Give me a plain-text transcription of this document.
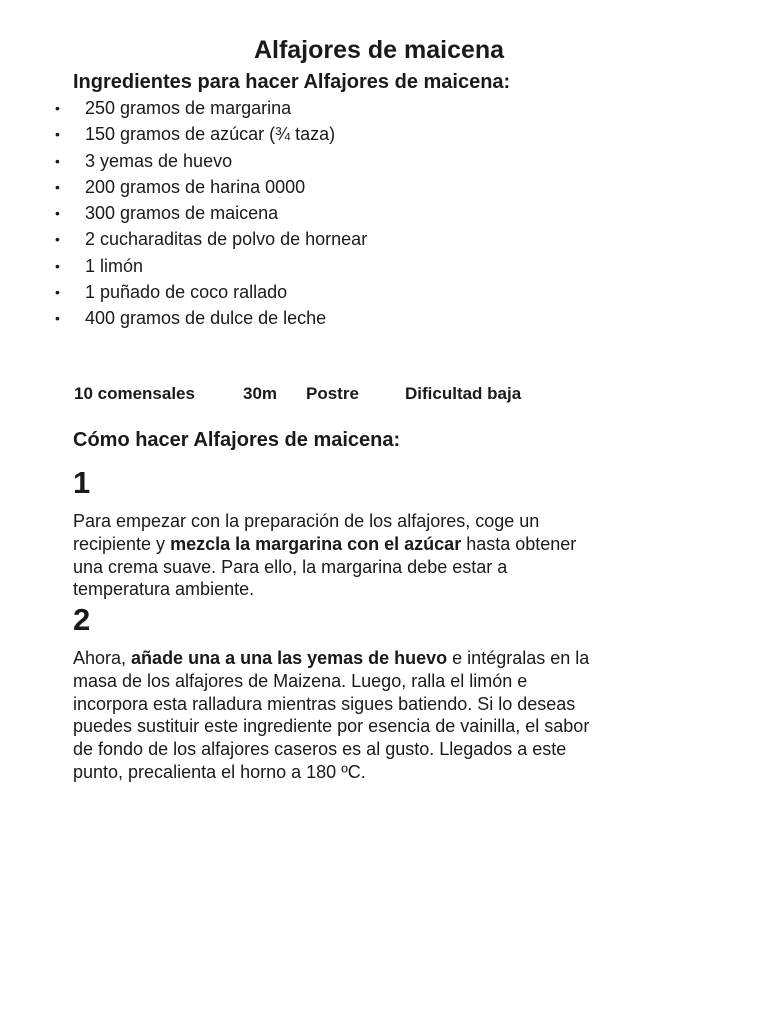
Alfajores de maicena
Ingredientes para hacer Alfajores de maicena:
• 250 gramos de margarina
• 150 gramos de azúcar (¾ taza)
• 3 yemas de huevo
• 200 gramos de harina 0000
• 300 gramos de maicena
• 2 cucharaditas de polvo de hornear
• 1 limón
• 1 puñado de coco rallado
• 400 gramos de dulce de leche
10 comensales	30m Postre	Dificultad baja
Cómo hacer Alfajores de maicena:
1
Para empezar con la preparación de los alfajores, coge un
recipiente y mezcla la margarina con el azúcar hasta obtener
una crema suave. Para ello, la margarina debe estar a
temperatura ambiente.
2
Ahora, añade una a una las yemas de huevo e intégralas en la
masa de los alfajores de Maizena. Luego, ralla el limón e
incorpora esta ralladura mientras sigues batiendo. Si lo deseas
puedes sustituir este ingrediente por esencia de vainilla, el sabor
de fondo de los alfajores caseros es al gusto. Llegados a este
punto, precalienta el horno a 180 ºC.
